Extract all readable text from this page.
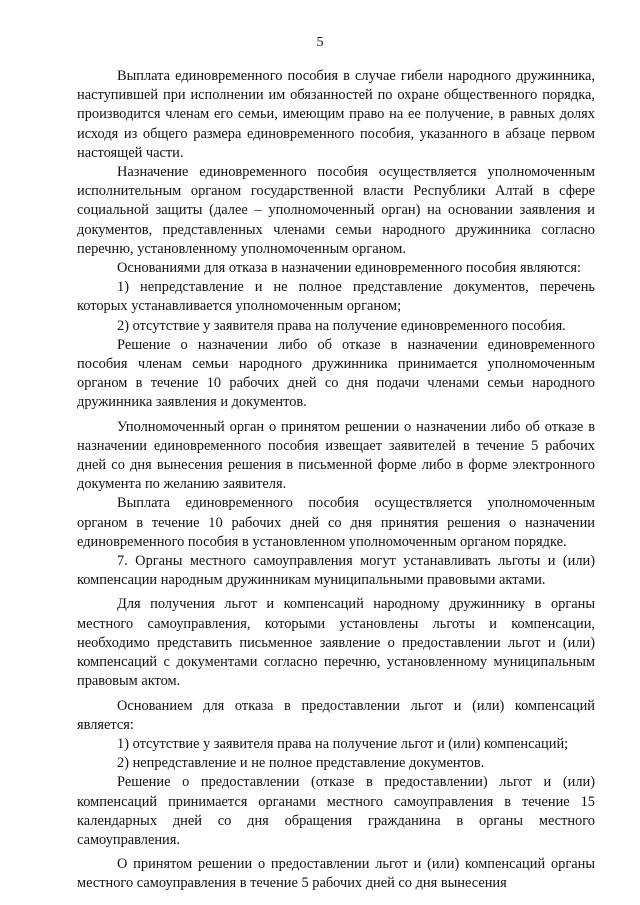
5

Выплата единовременного пособия в случае гибели народного дружинника, наступившей при исполнении им обязанностей по охране общественного порядка, производится членам его семьи, имеющим право на ее получение, в равных долях исходя из общего размера единовременного пособия, указанного в абзаце первом настоящей части.

Назначение единовременного пособия осуществляется уполномоченным исполнительным органом государственной власти Республики Алтай в сфере социальной защиты (далее – уполномоченный орган) на основании заявления и документов, представленных членами семьи народного дружинника согласно перечню, установленному уполномоченным органом.

Основаниями для отказа в назначении единовременного пособия являются:

1) непредставление и не полное представление документов, перечень которых устанавливается уполномоченным органом;

2) отсутствие у заявителя права на получение единовременного пособия.

Решение о назначении либо об отказе в назначении единовременного пособия членам семьи народного дружинника принимается уполномоченным органом в течение 10 рабочих дней со дня подачи членами семьи народного дружинника заявления и документов.

Уполномоченный орган о принятом решении о назначении либо об отказе в назначении единовременного пособия извещает заявителей в течение 5 рабочих дней со дня вынесения решения в письменной форме либо в форме электронного документа по желанию заявителя.

Выплата единовременного пособия осуществляется уполномоченным органом в течение 10 рабочих дней со дня принятия решения о назначении единовременного пособия в установленном уполномоченным органом порядке.

7. Органы местного самоуправления могут устанавливать льготы и (или) компенсации народным дружинникам муниципальными правовыми актами.

Для получения льгот и компенсаций народному дружиннику в органы местного самоуправления, которыми установлены льготы и компенсации, необходимо представить письменное заявление о предоставлении льгот и (или) компенсаций с документами согласно перечню, установленному муниципальным правовым актом.

Основанием для отказа в предоставлении льгот и (или) компенсаций является:

1) отсутствие у заявителя права на получение льгот и (или) компенсаций;

2) непредставление и не полное представление документов.

Решение о предоставлении (отказе в предоставлении) льгот и (или) компенсаций принимается органами местного самоуправления в течение 15 календарных дней со дня обращения гражданина в органы местного самоуправления.

О принятом решении о предоставлении льгот и (или) компенсаций органы местного самоуправления в течение 5 рабочих дней со дня вынесения
